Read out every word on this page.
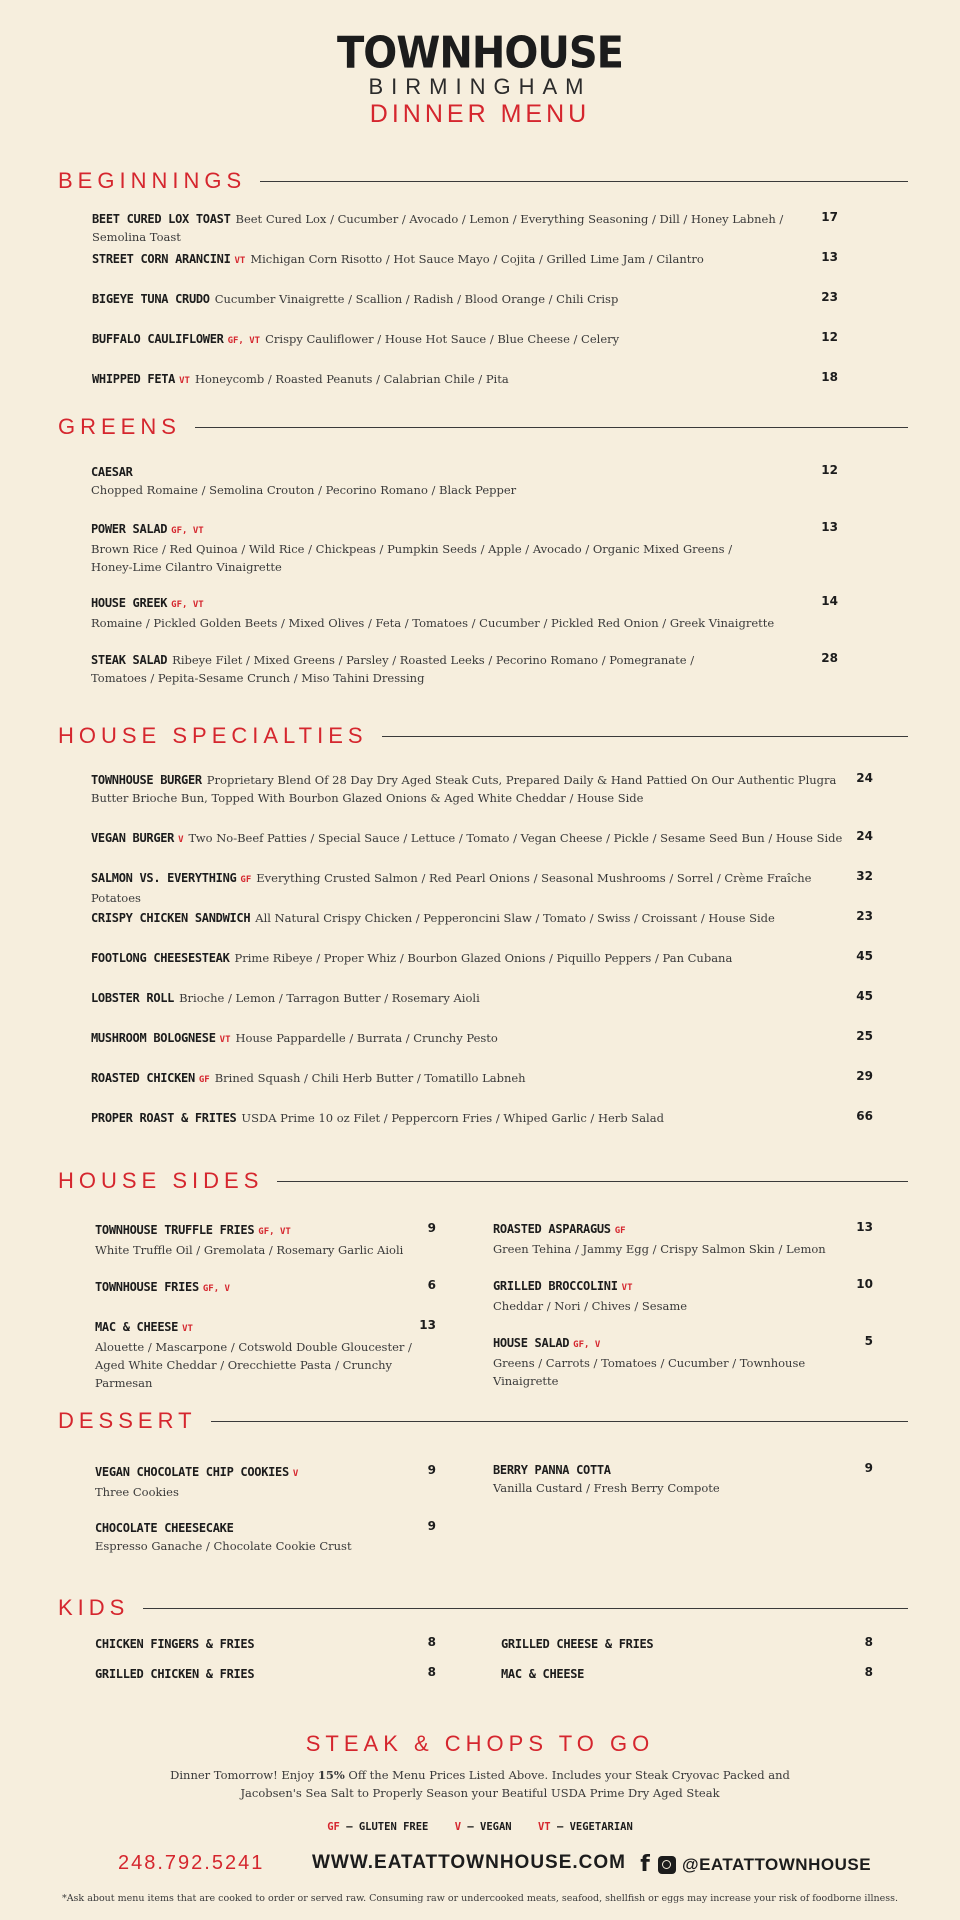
TOWNHOUSE
BIRMINGHAM
DINNER MENU
BEGINNINGS
BEET CURED LOX TOAST Beet Cured Lox / Cucumber / Avocado / Lemon / Everything Seasoning / Dill / Honey Labneh / Semolina Toast
17
STREET CORN ARANCINI VT Michigan Corn Risotto / Hot Sauce Mayo / Cojita / Grilled Lime Jam / Cilantro	13
BIGEYE TUNA CRUDO Cucumber Vinaigrette / Scallion / Radish / Blood Orange / Chili Crisp	23
BUFFALO CAULIFLOWER GF, VT Crispy Cauliflower / House Hot Sauce / Blue Cheese / Celery	12
WHIPPED FETA VT Honeycomb / Roasted Peanuts / Calabrian Chile / Pita	18
GREENS
CAESAR
Chopped Romaine / Semolina Crouton / Pecorino Romano / Black Pepper
12
POWER SALAD GF, VT
Brown Rice / Red Quinoa / Wild Rice / Chickpeas / Pumpkin Seeds / Apple / Avocado / Organic Mixed Greens /
Honey-Lime Cilantro Vinaigrette
13
HOUSE GREEK GF, VT
Romaine / Pickled Golden Beets / Mixed Olives / Feta / Tomatoes / Cucumber / Pickled Red Onion / Greek Vinaigrette
14
STEAK SALAD Ribeye Filet / Mixed Greens / Parsley / Roasted Leeks / Pecorino Romano / Pomegranate /
Tomatoes / Pepita-Sesame Crunch / Miso Tahini Dressing
28
HOUSE SPECIALTIES
TOWNHOUSE BURGER Proprietary Blend Of 28 Day Dry Aged Steak Cuts, Prepared Daily & Hand Pattied On Our Authentic Plugra
Butter Brioche Bun, Topped With Bourbon Glazed Onions & Aged White Cheddar / House Side
24
VEGAN BURGER V Two No-Beef Patties / Special Sauce / Lettuce / Tomato / Vegan Cheese / Pickle / Sesame Seed Bun / House Side	24
SALMON VS. EVERYTHING GF Everything Crusted Salmon / Red Pearl Onions / Seasonal Mushrooms / Sorrel / Crème Fraîche Potatoes
32
CRISPY CHICKEN SANDWICH All Natural Crispy Chicken / Pepperoncini Slaw / Tomato / Swiss / Croissant / House Side	23
FOOTLONG CHEESESTEAK Prime Ribeye / Proper Whiz / Bourbon Glazed Onions / Piquillo Peppers / Pan Cubana	45
LOBSTER ROLL Brioche / Lemon / Tarragon Butter / Rosemary Aioli	45
MUSHROOM BOLOGNESE VT House Pappardelle / Burrata / Crunchy Pesto	25
ROASTED CHICKEN GF Brined Squash / Chili Herb Butter / Tomatillo Labneh	29
PROPER ROAST & FRITES USDA Prime 10 oz Filet / Peppercorn Fries / Whiped Garlic / Herb Salad	66
HOUSE SIDES
TOWNHOUSE TRUFFLE FRIES GF, VT
White Truffle Oil / Gremolata / Rosemary Garlic Aioli
9
TOWNHOUSE FRIES GF, V	6
MAC & CHEESE VT
Alouette / Mascarpone / Cotswold Double Gloucester /
Aged White Cheddar / Orecchiette Pasta / Crunchy Parmesan
13
ROASTED ASPARAGUS GF
Green Tehina / Jammy Egg / Crispy Salmon Skin / Lemon
13
GRILLED BROCCOLINI VT
Cheddar / Nori / Chives / Sesame
10
HOUSE SALAD GF, V
Greens / Carrots / Tomatoes / Cucumber / Townhouse Vinaigrette
5
DESSERT
VEGAN CHOCOLATE CHIP COOKIES V
Three Cookies
9
CHOCOLATE CHEESECAKE
Espresso Ganache / Chocolate Cookie Crust
9
BERRY PANNA COTTA
Vanilla Custard / Fresh Berry Compote
9
KIDS
CHICKEN FINGERS & FRIES	8	GRILLED CHEESE & FRIES	8
GRILLED CHICKEN & FRIES	8	MAC & CHEESE	8
STEAK & CHOPS TO GO
Dinner Tomorrow! Enjoy 15% Off the Menu Prices Listed Above. Includes your Steak Cryovac Packed and
Jacobsen's Sea Salt to Properly Season your Beatiful USDA Prime Dry Aged Steak
GF – GLUTEN FREE	V – VEGAN	VT – VEGETARIAN
248.792.5241	WWW.EATATTOWNHOUSE.COM f @EATATTOWNHOUSE
*Ask about menu items that are cooked to order or served raw. Consuming raw or undercooked meats, seafood, shellfish or eggs may increase your risk of foodborne illness.
